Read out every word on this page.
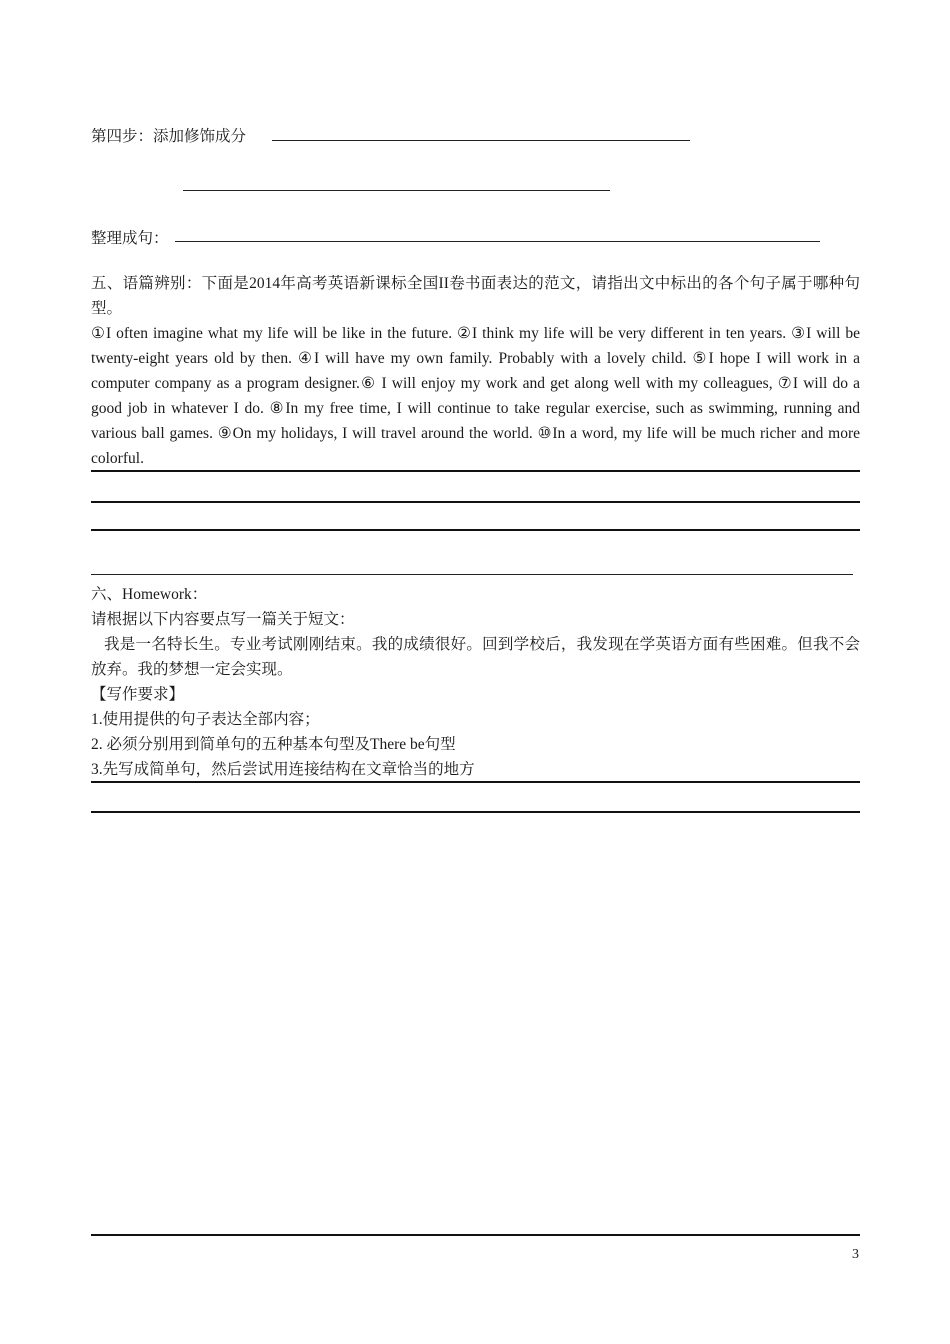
第四步：添加修饰成分
整理成句：
五、语篇辨别：下面是2014年高考英语新课标全国II卷书面表达的范文，请指出文中标出的各个句子属于哪种句型。
①I often imagine what my life will be like in the future. ②I think my life will be very different in ten years. ③I will be twenty-eight years old by then. ④I will have my own family. Probably with a lovely child. ⑤I hope I will work in a computer company as a program designer.⑥ I will enjoy my work and get along well with my colleagues, ⑦I will do a good job in whatever I do. ⑧In my free time, I will continue to take regular exercise, such as swimming, running and various ball games. ⑨On my holidays, I will travel around the world. ⑩In a word, my life will be much richer and more colorful.
六、Homework：
请根据以下内容要点写一篇关于短文：
我是一名特长生。专业考试刚刚结束。我的成绩很好。回到学校后，我发现在学英语方面有些困难。但我不会放弃。我的梦想一定会实现。
【写作要求】
1.使用提供的句子表达全部内容；
2. 必须分别用到简单句的五种基本句型及There be句型
3.先写成简单句，然后尝试用连接结构在文章恰当的地方
3
